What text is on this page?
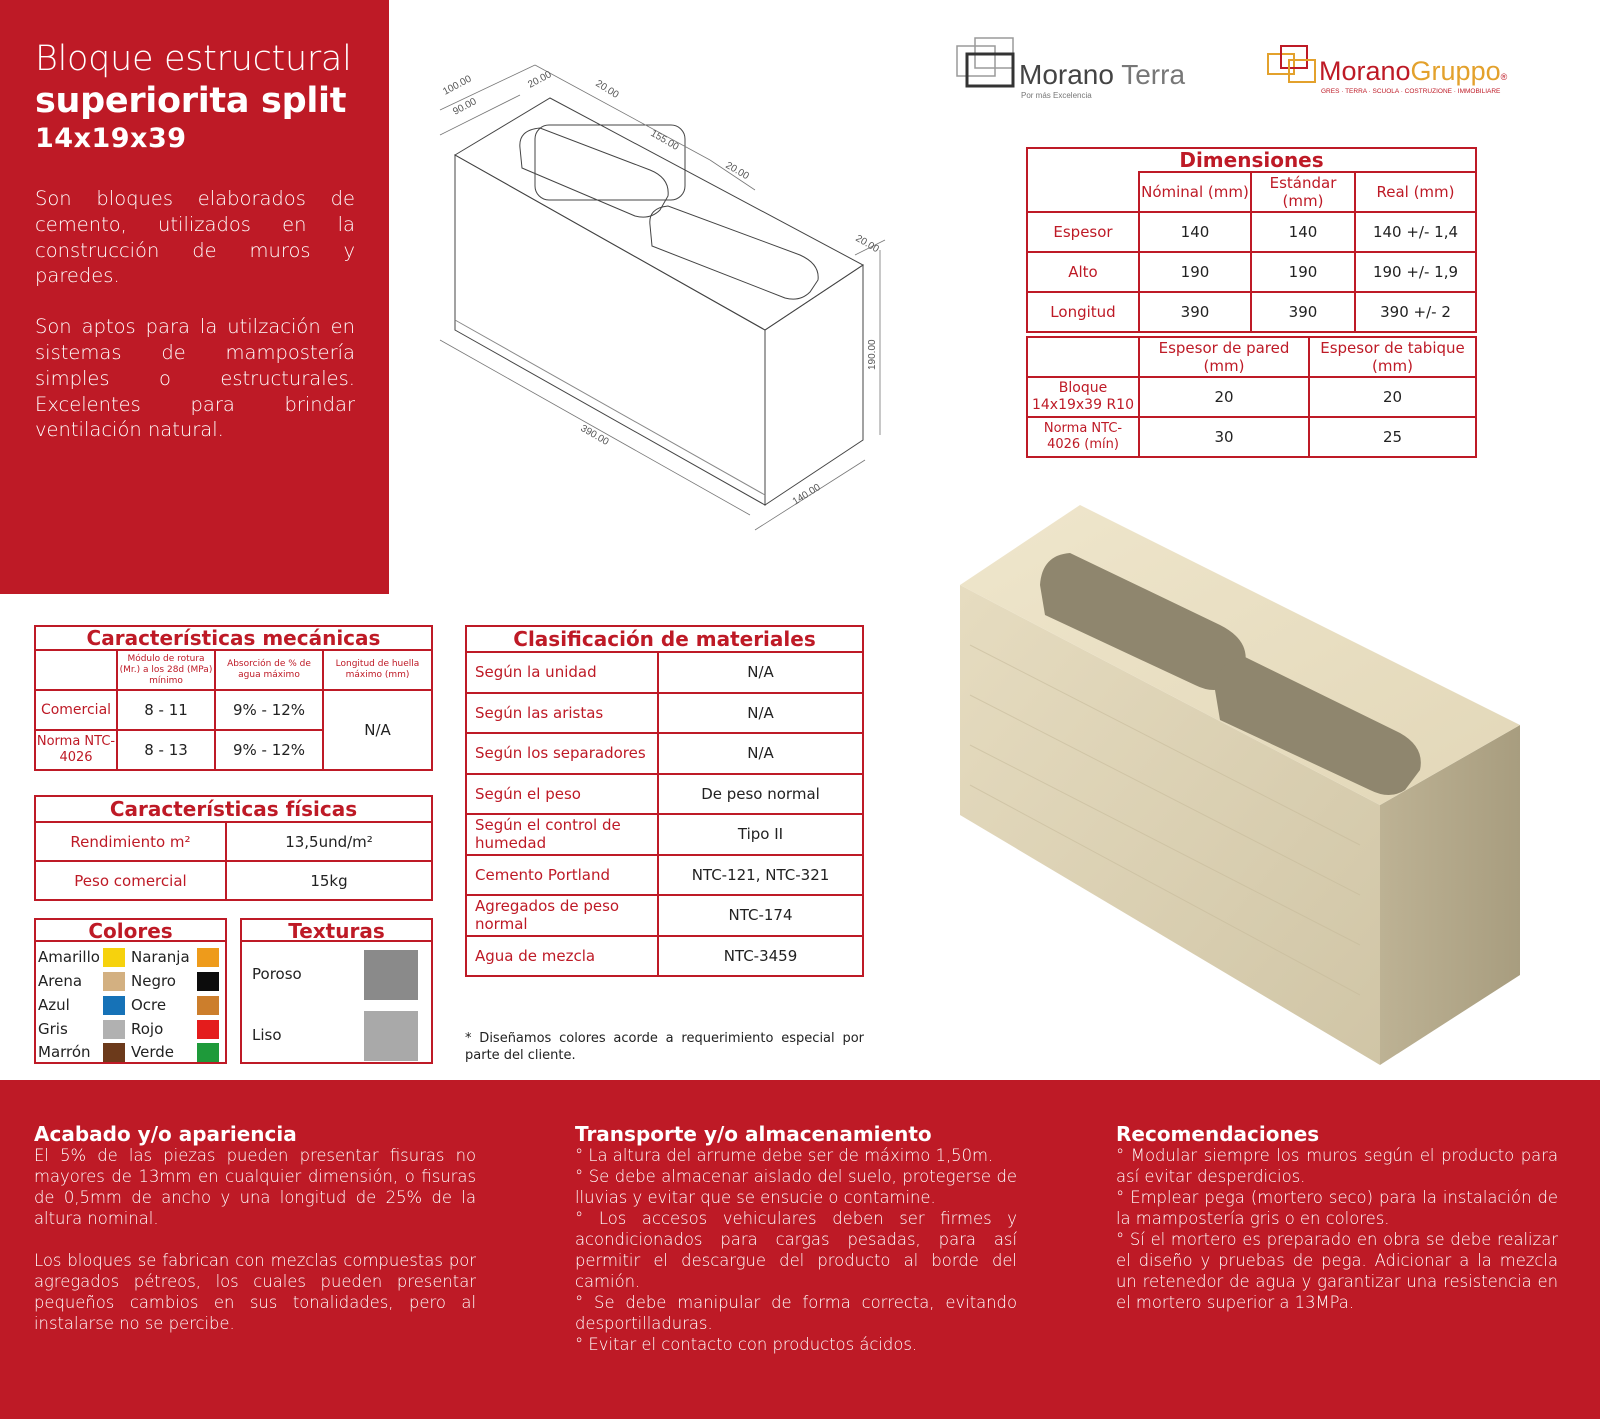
Bloque estructural
superiorita split
14x19x39

Son bloques elaborados de cemento, utilizados en la construcción de muros y paredes.

Son aptos para la utilzación en sistemas de mampostería simples o estructurales. Excelentes para brindar ventilación natural.

100.00
90.00
20.00	20.00
155.00
20.00
20.00
190.00
390.00
140.00
Morano Terra
Por más Excelencia
MoranoGruppo®
GRES · TERRA · SCUOLA · COSTRUZIONE · IMMOBILIARE
Dimensiones			
	Nóminal (mm)	Estándar (mm)	Real (mm)
Espesor	140	140	140 +/- 1,4
Alto	190	190	190 +/- 1,9
Longitud	390	390	390 +/- 2
	Espesor de pared (mm)	Espesor de tabique (mm)
Bloque 14x19x39 R10	20	20
Norma NTC-4026 (mín)	30	25
Características mecánicas			
	Módulo de rotura (Mr.) a los 28d (MPa) mínimo	Absorción de % de agua máximo	Longitud de huella máximo (mm)
Comercial	8 - 11	9% - 12%	N/A
Norma NTC-4026	8 - 13	9% - 12%	
Características físicas	
Rendimiento m²	13,5und/m²
Peso comercial	15kg
Clasificación de materiales	
Según la unidad	N/A
Según las aristas	N/A
Según los separadores	N/A
Según el peso	De peso normal
Según el control de humedad	Tipo II
Cemento Portland	NTC-121, NTC-321
Agregados de peso normal	NTC-174
Agua de mezcla	NTC-3459
Colores
Amarillo Naranja
Arena	Negro
Azul	Ocre
Gris	Rojo
Marrón	Verde
Texturas
Poroso
Liso	* Diseñamos colores acorde a requerimiento especial por parte del cliente.
Acabado y/o apariencia

El 5% de las piezas pueden presentar fisuras no mayores de 13mm en cualquier dimensión, o fisuras de 0,5mm de ancho y una longitud de 25% de la altura nominal.

Los bloques se fabrican con mezclas compuestas por agregados pétreos, los cuales pueden presentar pequeños cambios en sus tonalidades, pero al instalarse no se percibe.

Transporte y/o almacenamiento

° La altura del arrume debe ser de máximo 1,50m.

° Se debe almacenar aislado del suelo, protegerse de lluvias y evitar que se ensucie o contamine.

° Los accesos vehiculares deben ser firmes y acondicionados para cargas pesadas, para así permitir el descargue del producto al borde del camión.

° Se debe manipular de forma correcta, evitando desportilladuras.

° Evitar el contacto con productos ácidos.

Recomendaciones

° Modular siempre los muros según el producto para así evitar desperdicios.

° Emplear pega (mortero seco) para la instalación de la mampostería gris o en colores.

° Sí el mortero es preparado en obra se debe realizar el diseño y pruebas de pega. Adicionar a la mezcla un retenedor de agua y garantizar una resistencia en el mortero superior a 13MPa.
